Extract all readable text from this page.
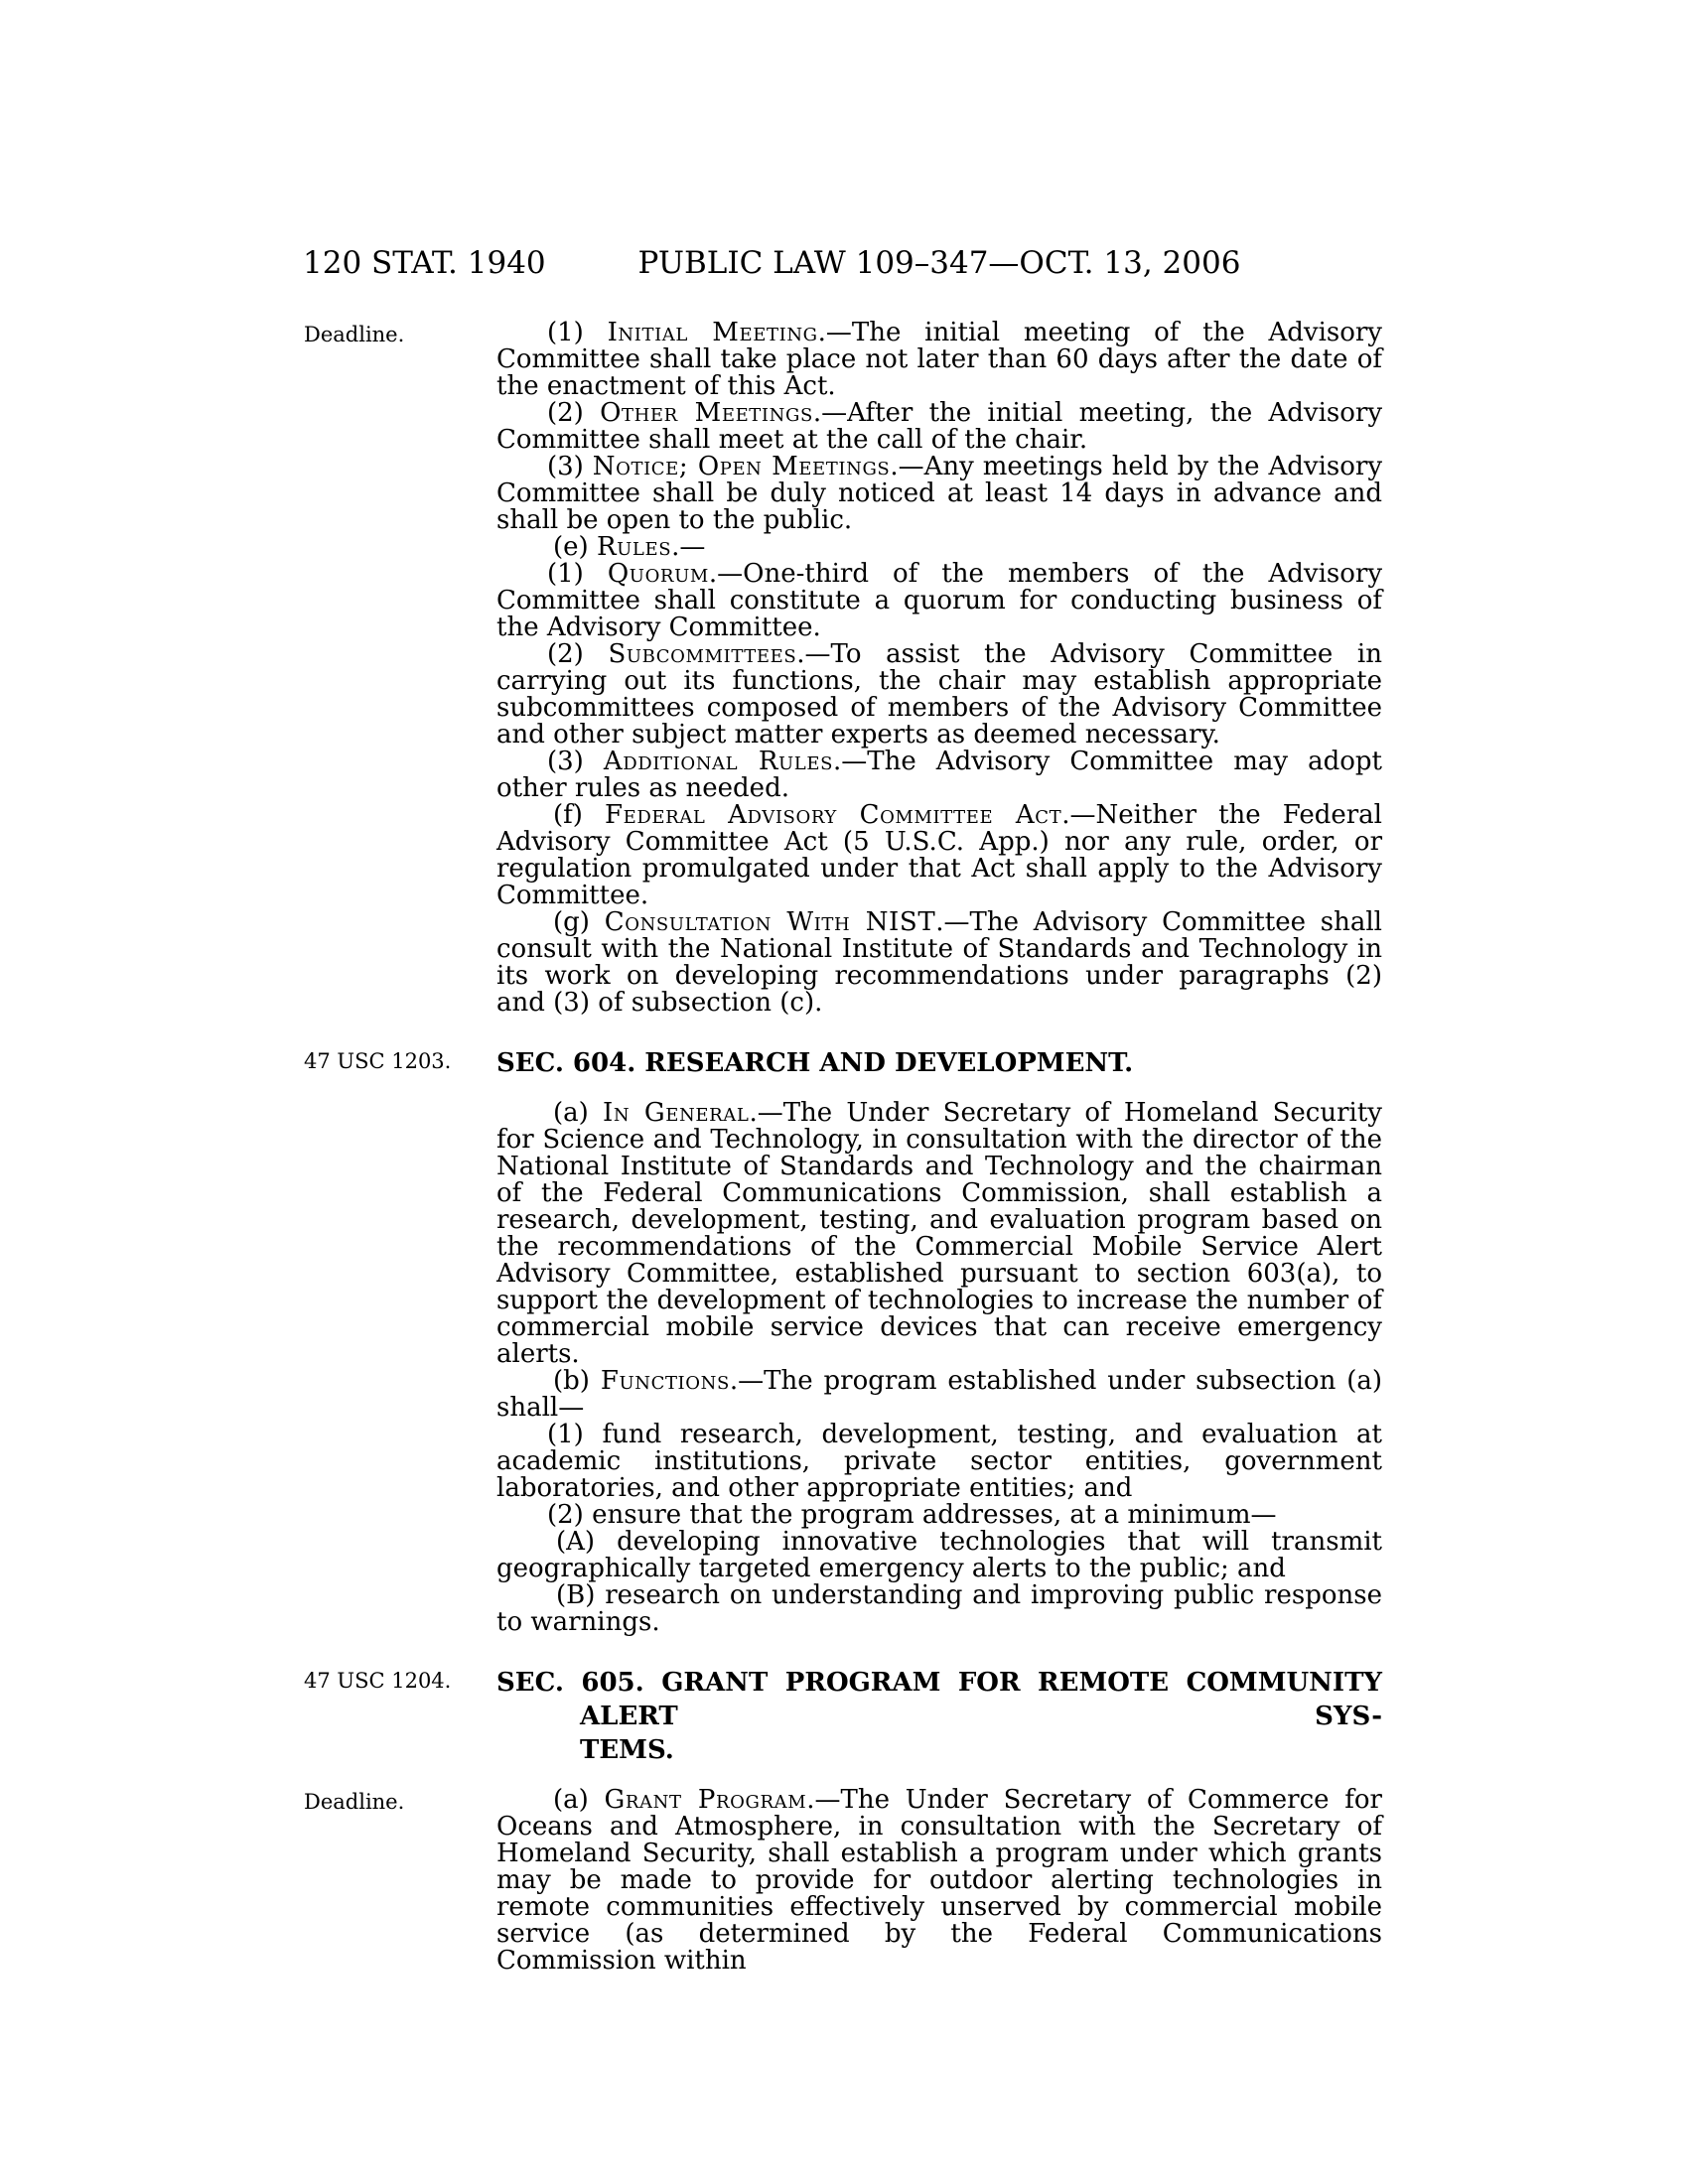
120 STAT. 1940	PUBLIC LAW 109–347—OCT. 13, 2006

(1) Initial Meeting.—The initial meeting of the Advisory Committee shall take place not later than 60 days after the date of the enactment of this Act.
Deadline.

(2) Other Meetings.—After the initial meeting, the Advisory Committee shall meet at the call of the chair.

(3) Notice; Open Meetings.—Any meetings held by the Advisory Committee shall be duly noticed at least 14 days in advance and shall be open to the public.

(e) Rules.—

(1) Quorum.—One-third of the members of the Advisory Committee shall constitute a quorum for conducting business of the Advisory Committee.

(2) Subcommittees.—To assist the Advisory Committee in carrying out its functions, the chair may establish appropriate subcommittees composed of members of the Advisory Committee and other subject matter experts as deemed necessary.

(3) Additional Rules.—The Advisory Committee may adopt other rules as needed.

(f) Federal Advisory Committee Act.—Neither the Federal Advisory Committee Act (5 U.S.C. App.) nor any rule, order, or regulation promulgated under that Act shall apply to the Advisory Committee.

(g) Consultation With NIST.—The Advisory Committee shall consult with the National Institute of Standards and Technology in its work on developing recommendations under paragraphs (2) and (3) of subsection (c).

SEC. 604. RESEARCH AND DEVELOPMENT.
47 USC 1203.

(a) In General.—The Under Secretary of Homeland Security for Science and Technology, in consultation with the director of the National Institute of Standards and Technology and the chairman of the Federal Communications Commission, shall establish a research, development, testing, and evaluation program based on the recommendations of the Commercial Mobile Service Alert Advisory Committee, established pursuant to section 603(a), to support the development of technologies to increase the number of commercial mobile service devices that can receive emergency alerts.

(b) Functions.—The program established under subsection (a) shall—

(1) fund research, development, testing, and evaluation at academic institutions, private sector entities, government laboratories, and other appropriate entities; and

(2) ensure that the program addresses, at a minimum—

(A) developing innovative technologies that will transmit geographically targeted emergency alerts to the public; and

(B) research on understanding and improving public response to warnings.

SEC. 605. GRANT PROGRAM FOR REMOTE COMMUNITY ALERT SYS-
TEMS.
47 USC 1204.

(a) Grant Program.—The Under Secretary of Commerce for Oceans and Atmosphere, in consultation with the Secretary of Homeland Security, shall establish a program under which grants may be made to provide for outdoor alerting technologies in remote communities effectively unserved by commercial mobile service (as determined by the Federal Communications Commission within
Deadline.
